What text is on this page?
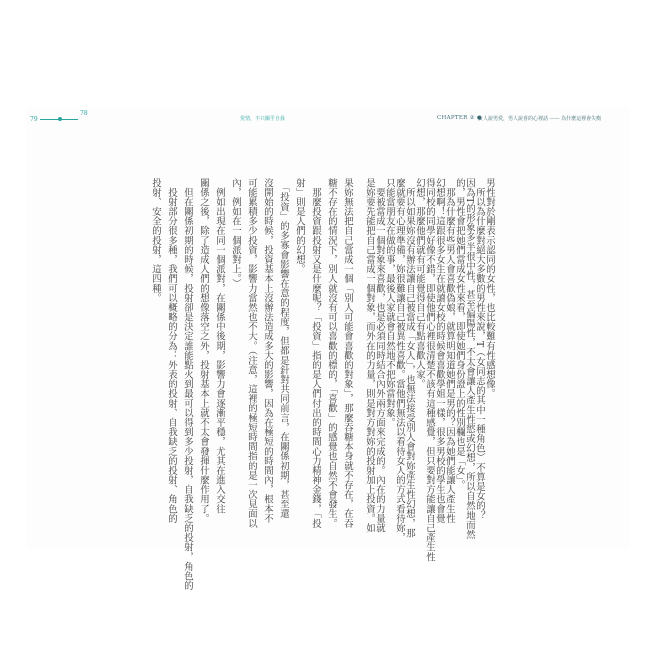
79
78
愛情，不只關乎自我	CHAPTER ② ●
女人說男愛，男人說喜的心裡話 —— 為什麼這裡會失衡
男性對於剛表示認同的女性，也比較難有性感想像。
　所以為什麼對絕大多數的男性來說，T（女同志的其中一種角色）不算是女的？
因為T的形象多半很中性，甚至偏陽性，不太會讓人產生性慾或幻想，所以自然地而然
的，男性會把她們當成女性來看，即使她們身份證上的性別欄也是「女」。
　那為什麼有些男人會喜歡偽娘，就算明知道她們是男的？因為她們能讓人產生性
幻想啊！這跟很多女生在就讀女校的時候會喜歡學姐一樣，很多男校的學生也會覺
得同校的同學好像不錯，即使他們心裡很清楚不該有這種感覺，但只要對方能讓自己產生性
幻想，那麼他們就有可能覺得自己有點喜歡人家。
　所以如果妳沒有辦法讓自己被當成「女人」，也無法接受別人會對妳產生性幻想，那
麼就要有心理準備，妳很難讓自己被異性喜歡。當他們無法以看待女人的方式看待妳，
只能當朋友在做的事，最後人家就會自然地不把妳當對象。
　要被當成一個對象來喜歡，也是必須同時結合內外兩方面來完成的。內在的力量就
是妳要先能把自己當成一個對象，而外在的力量，則是對方對妳的投射加上投資。如
果妳無法把自己當成一個「別人可能會喜歡的對象」，那麼吞糖本身就不存在，在吞
糖不存在的情況下，別人就沒有可以喜歡的標的，「喜歡」的感覺也自然不會發生。
　那麼投資跟投射又是什麼呢？「投資」指的是人們付出的時間心力精神金錢，「投
射」則是人們的幻想。
　「投資」的多寡會影響在意的程度，但都是針對共同前言，在關係初期，甚至還
沒開始的時候，投資基本上沒辦法造成多大的影響，因為在極短的時間內，根本不
可能累積多少投資，影響力當然也不大。（注意，這裡的極短時間指的是一次見面以
內，例如在一個派對上。）
　例如出現在同一個派對，在關係中後期，影響力會逐漸平穩，尤其在進入交往
關係之後，除了造成人們的想像落空之外，投射基本上就不太會發揮什麼作用了。
　但在關係初期的時候，投射卻是決定誰能點火到最可以得到多少投射，自我缺乏的投射，角色的
　投射部分很多種，我們可以概略的分為：外表的投射、自我缺乏的投射、角色的
投射、安全的投射，這四種。
